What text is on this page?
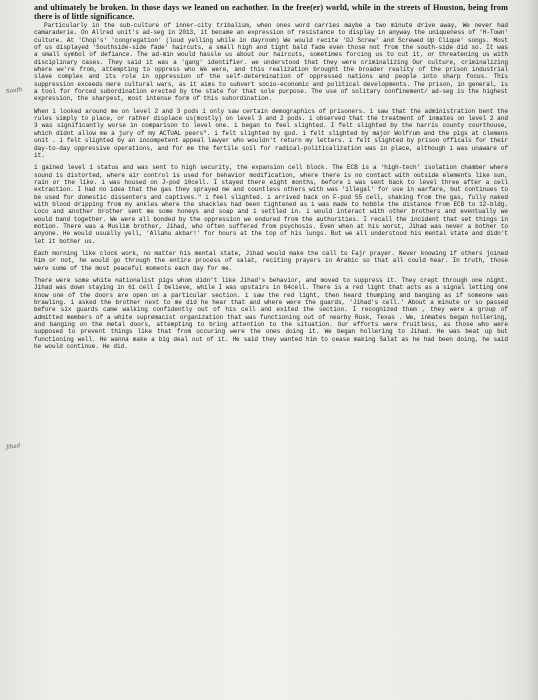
and ultimately be broken. In those days we leaned on eachother. In the free(er) world, while in the streets of Houston, being from there is of little significance.

Particularly in the sub-culture of inner-city tribalism, when ones word carries maybe a two minute drive away, We never had camaraderie. On Allred unit's ad-seg in 2013, it became an expression of resistance to display in anyway the uniqueness of 'H-Town' culture. At 'Chop's' 'congregation' (loud yelling while in dayroom) We would recite 'DJ Screw' and Screwed Up Clique' songs. Most of us displayed 'Southside-side fade' haircuts, a small high and tight bald fade even those not from the south-side did so. It was a small symbol of defiance. The ad-min would hassle us about our haircuts, sometimes forcing us to cut it, or threatening us with disciplinary cases. They said it was a 'gang' identifier. we understood that they were criminalizing Our culture, criminalizing where we're from, attempting to oppress who We were, and this realization brought the broader reality of the prison industrial slave complex and its role in oppression of the self-determination of oppressed nations and people into sharp focus. This suppression exceeds mere cultural wars, as it aims to subvert socio-economic and political developments. The prison, in general, is a tool for forced subordination erected by the state for that sole purpose. The use of solitary confinement/ ad-seg is the highest expression, the sharpest, most intense form of this subordination.

When i looked around me on level 2 and 3 pods i only saw certain demographics of prisoners. i saw that the administration bent the rules simply to place, or rather displace us(mostly) on level 3 and 2 pods. i observed that the treatment of inmates on level 2 and 3 was significantly worse in comparison to level one. i began to feel slighted. I felt slighted by the harris county courthouse, which didnt allow me a jury of my ACTUAL peers". i felt slighted by god. i felt slighted by major Wolfrum and the pigs at clemens unit . i felt slighted by an incompetent appeal lawyer who wouldn't return my letters. i felt slighted by prison officals for their day-to-day oppressive operations, and for me the fertile soil for radical-politicalization was in place, although i was unaware of it.

i gained level 1 status and was sent to high security, the expansion cell block. The ECB is a 'high-tech' isolation chamber where sound is distorted, where air control is used for behavior modification, where there is no contact with outside elements like sun, rain or the like. i was housed on J-pod 10cell. I stayed there eight months, before i was sent back to level three after a cell extraction. I had no idea that the gas they sprayed me and countless others with was 'illegal' for use in warfare, but continues to be used for domestic dissenters and captives." i feel slighted. i arrived back on F-pod 55 cell, shaking from the gas, fully naked with blood dripping from my ankles where the shackles had been tightened as i was made to hobble the distance from ECB to 12-bldg. Loco and another brother sent me some honeys and soap and i settled in. i would interact with other brothers and eventually we would band together. We were all bonded by the oppression we endured from the authorities. I recall the incident that set things in motion. There was a Muslim brother, Jihad, who often suffered from psychosis. Even when at his worst, Jihad was never a bother to anyone. He would usually yell, 'Allahu akbar!' for hours at the top of his lungs. But we all understood his mental state and didn't let it bother us.

Each morning like clock work, no matter his mental state, Jihad would make the call to Fajr prayer. Never knowing if others joined him or not, he would go through the entire process of salat, reciting prayers in Arabic so that all could hear. In truth, those were some of the most peaceful moments each day for me.

There were some white nationalist pigs whom didn't like Jihad's behavior, and moved to suppress it. They crept through one night. Jihad was down staying in 61 cell I believe, while I was upstairs in 64cell. There is a red light that acts as a signal letting one know one of the doors are open on a particular section. i saw the red light, then heard thumping and banging as if someone was brawling. i asked the brother next to me did he hear that and where were the guards, 'Jihad's cell.' About a minute or so passed before six guards came walking confidently out of his cell and exited the section. I recognized them , they were a group of admitted members of a white supremacist organization that was functioning out of nearby Rusk, Texas . We, inmates began hollering, and banging on the metal doors, attempting to bring attention to the situation. Our efforts were fruitless, as those who were supposed to prevent things like that from occuring were the ones doing it. We began hollering to Jihad. He was beat up but functioning well. He wanna make a big deal out of it. He said they wanted him to cease making Salat as he had been doing, he said he would continue. He did.

South
Jihad
